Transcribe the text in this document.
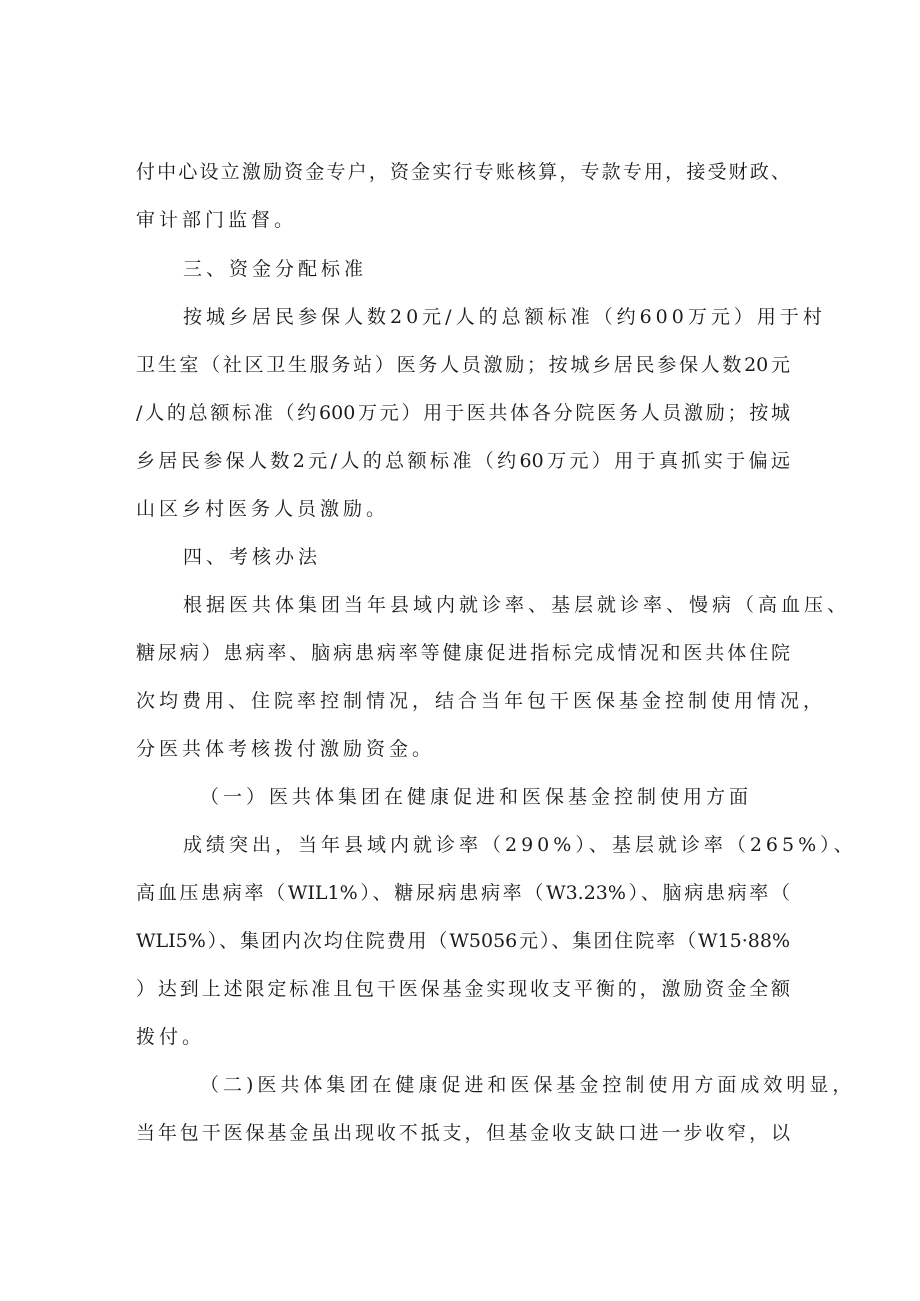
付中心设立激励资金专户，资金实行专账核算，专款专用，接受财政、

审计部门监督。

三、资金分配标准

按城乡居民参保人数20元/人的总额标准（约600万元）用于村

卫生室（社区卫生服务站）医务人员激励；按城乡居民参保人数20元

/人的总额标准（约600万元）用于医共体各分院医务人员激励；按城

乡居民参保人数2元/人的总额标准（约60万元）用于真抓实于偏远

山区乡村医务人员激励。

四、考核办法

根据医共体集团当年县域内就诊率、基层就诊率、慢病（高血压、

糖尿病）患病率、脑病患病率等健康促进指标完成情况和医共体住院

次均费用、住院率控制情况，结合当年包干医保基金控制使用情况，

分医共体考核拨付激励资金。

（一）医共体集团在健康促进和医保基金控制使用方面

成绩突出，当年县域内就诊率（290%）、基层就诊率（265%）、

高血压患病率（WIL1%）、糖尿病患病率（W3.23%）、脑病患病率（

WLI5%）、集团内次均住院费用（W5056元）、集团住院率（W15·88%

）达到上述限定标准且包干医保基金实现收支平衡的，激励资金全额

拨付。

（二)医共体集团在健康促进和医保基金控制使用方面成效明显，

当年包干医保基金虽出现收不抵支，但基金收支缺口进一步收窄，以
